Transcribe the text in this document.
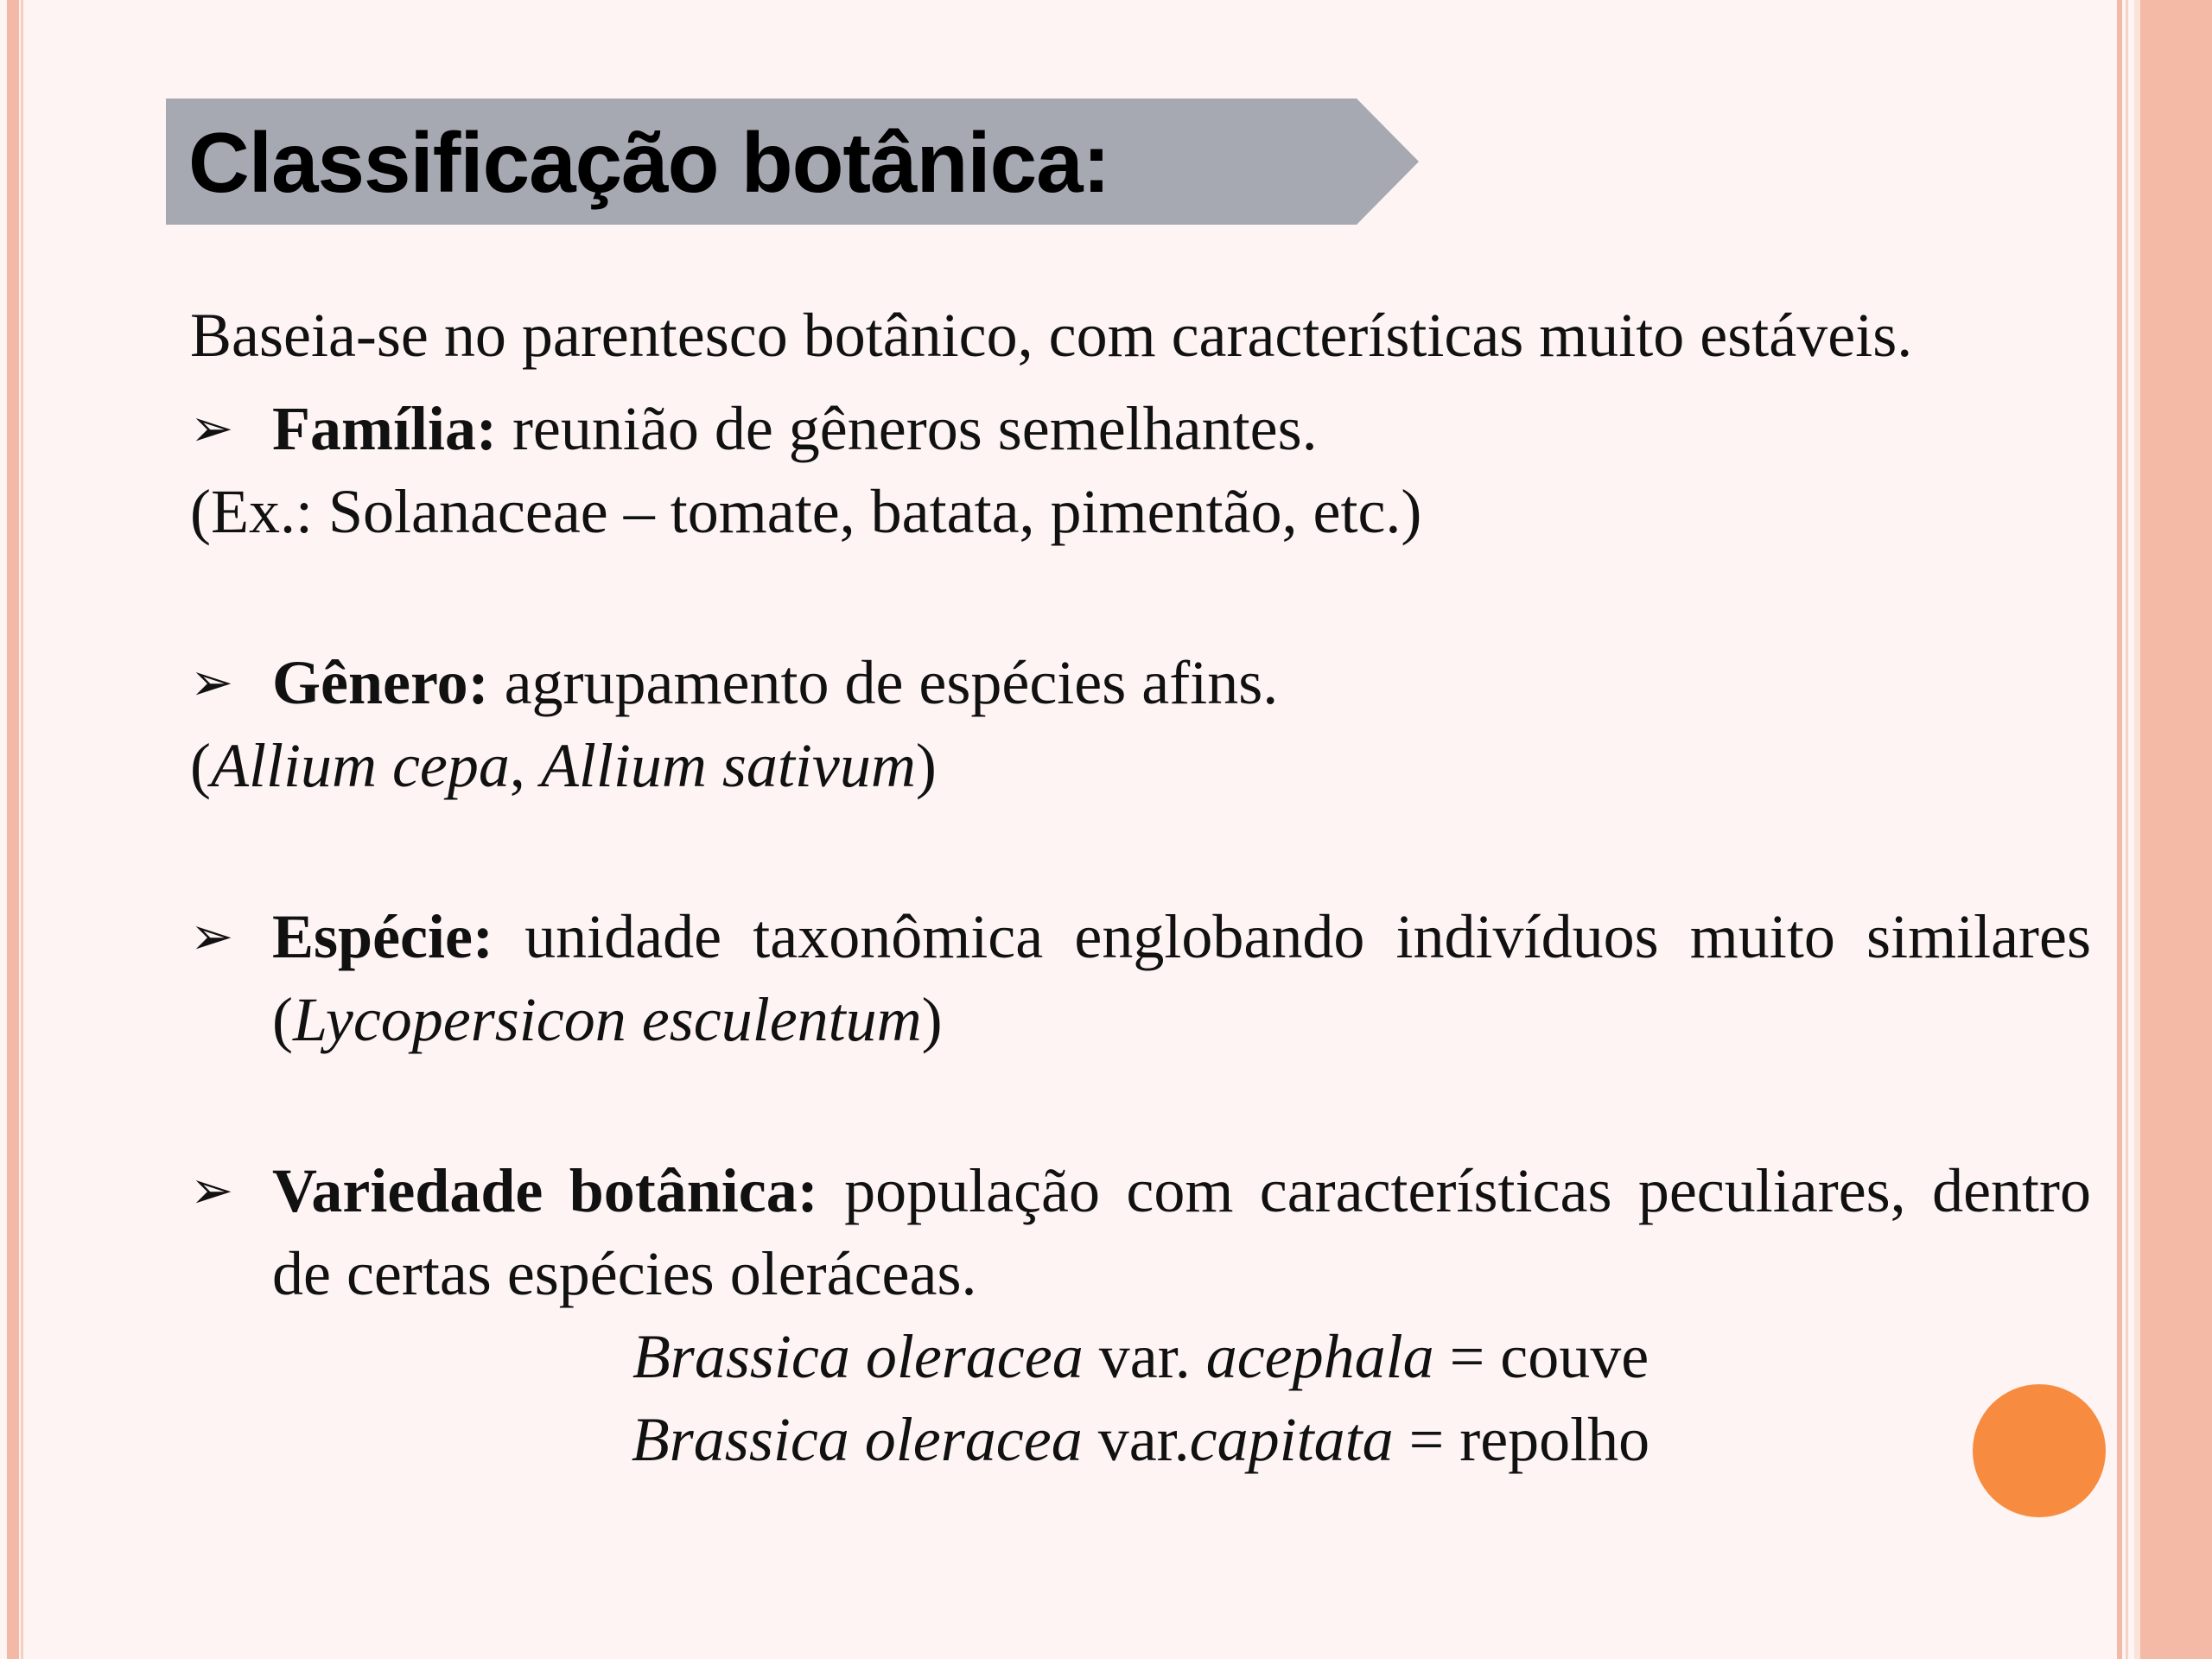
Classificação botânica:
Baseia-se no parentesco botânico, com características muito estáveis.
➢ Família: reunião de gêneros semelhantes.
(Ex.: Solanaceae – tomate, batata, pimentão, etc.)
➢ Gênero: agrupamento de espécies afins.
(Allium cepa, Allium sativum)
➢ Espécie: unidade taxonômica englobando indivíduos muito similares (Lycopersicon esculentum)
➢ Variedade botânica: população com características peculiares, dentro de certas espécies oleráceas.
Brassica oleracea var. acephala = couve
Brassica oleracea var.capitata = repolho
